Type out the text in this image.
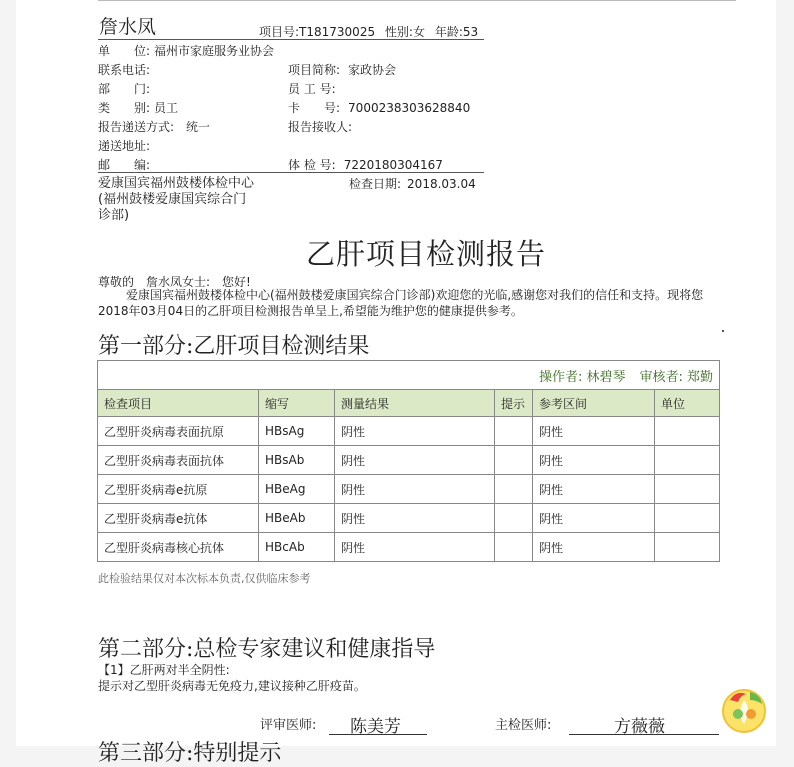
詹水凤	项目号:T181730025 性别:女 年龄:53
单　　位: 福州市家庭服务业协会
联系电话:	项目简称: 家政协会
部　　门:	员 工 号:
类　　别: 员工	卡　　号: 7000238303628840
报告递送方式: 统一	报告接收人:
递送地址:
邮　　编:	体 检 号: 7220180304167
爱康国宾福州鼓楼体检中心
(福州鼓楼爱康国宾综合门
诊部)
检查日期: 2018.03.04
乙肝项目检测报告
尊敬的　詹水凤女士:　您好!
爱康国宾福州鼓楼体检中心(福州鼓楼爱康国宾综合门诊部)欢迎您的光临,感谢您对我们的信任和支持。现将您2018年03月04日的乙肝项目检测报告单呈上,希望能为维护您的健康提供参考。
第一部分:乙肝项目检测结果
操作者: 林碧琴 审核者: 郑勤					
检查项目	缩写	测量结果	提示	参考区间	单位
乙型肝炎病毒表面抗原	HBsAg	阴性		阴性	
乙型肝炎病毒表面抗体	HBsAb	阴性		阴性	
乙型肝炎病毒e抗原	HBeAg	阴性		阴性	
乙型肝炎病毒e抗体	HBeAb	阴性		阴性	
乙型肝炎病毒核心抗体	HBcAb	阴性		阴性	
此检验结果仅对本次标本负责,仅供临床参考
第二部分:总检专家建议和健康指导
【1】乙肝两对半全阴性:
提示对乙型肝炎病毒无免疫力,建议接种乙肝疫苗。
评审医师: 陈美芳	主检医师:	方薇薇
第三部分:特别提示
